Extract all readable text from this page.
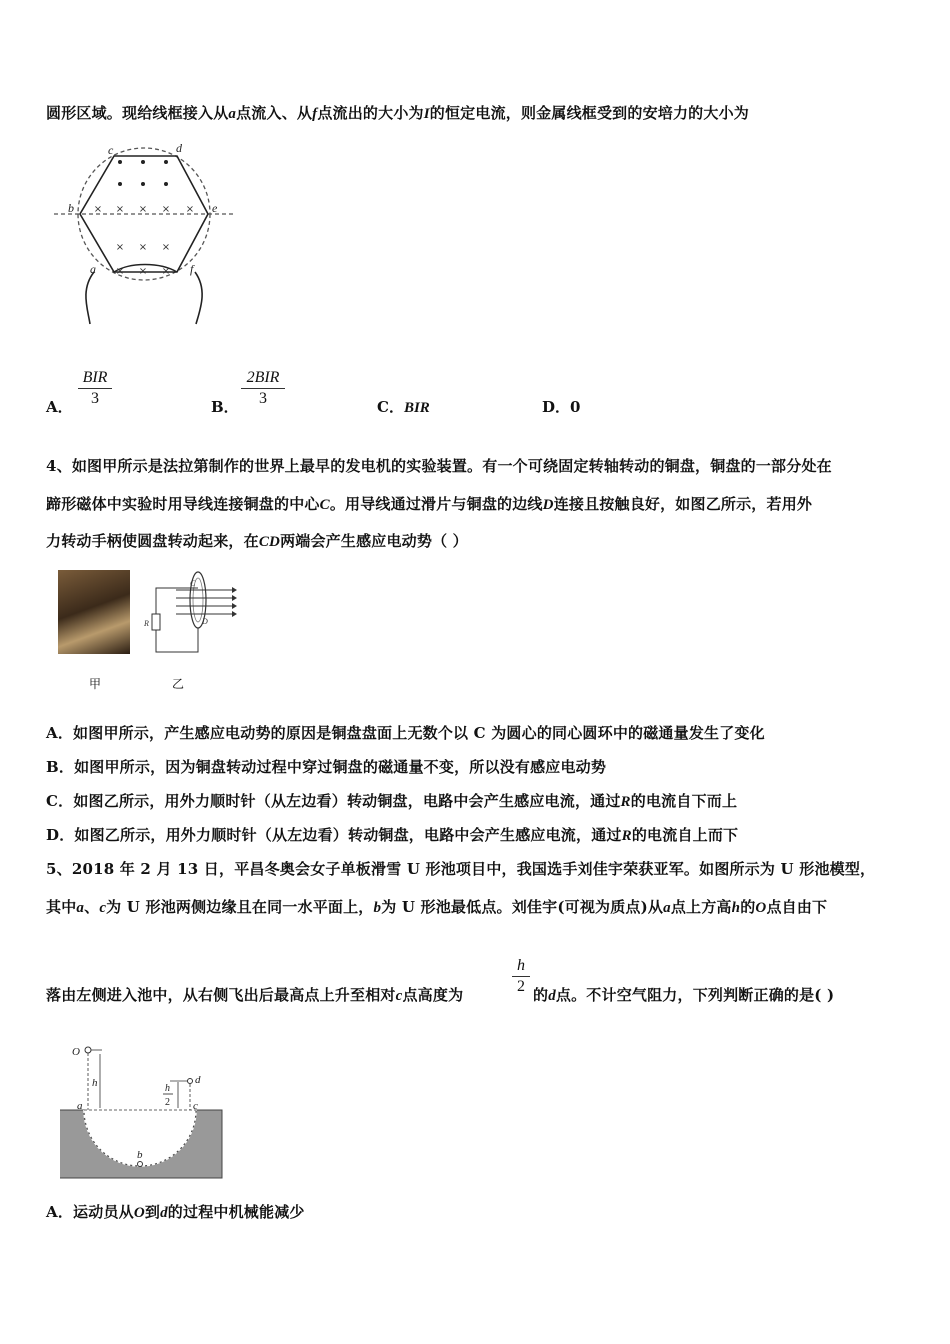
圆形区域。现给线框接入从a点流入、从f点流出的大小为I的恒定电流，则金属线框受到的安培力的大小为
× × × × ×
× × ×
× × ×
c	d
b	e
a	f
A．
BIR
3	B．
2BIR
3	C．BIR	D．0
4、如图甲所示是法拉第制作的世界上最早的发电机的实验装置。有一个可绕固定转轴转动的铜盘，铜盘的一部分处在
蹄形磁体中实验时用导线连接铜盘的中心C。用导线通过滑片与铜盘的边线D连接且按触良好，如图乙所示，若用外
力转动手柄使圆盘转动起来，在CD两端会产生感应电动势（ ）
R
C
D
甲	乙
A．如图甲所示，产生感应电动势的原因是铜盘盘面上无数个以 C 为圆心的同心圆环中的磁通量发生了变化
B．如图甲所示，因为铜盘转动过程中穿过铜盘的磁通量不变，所以没有感应电动势
C．如图乙所示，用外力顺时针（从左边看）转动铜盘，电路中会产生感应电流，通过R的电流自下而上
D．如图乙所示，用外力顺时针（从左边看）转动铜盘，电路中会产生感应电流，通过R的电流自上而下
5、2018 年 2 月 13 日，平昌冬奥会女子单板滑雪 U 形池项目中，我国选手刘佳宇荣获亚军。如图所示为 U 形池模型，
其中a、c为 U 形池两侧边缘且在同一水平面上，b为 U 形池最低点。刘佳宇(可视为质点)从a点上方高h的O点自由下
落由左侧进入池中，从右侧飞出后最高点上升至相对c点高度为
h
2 的d点。不计空气阻力，下列判断正确的是( )
O
h
a
b
c
d
h
2
A．运动员从O到d的过程中机械能减少
